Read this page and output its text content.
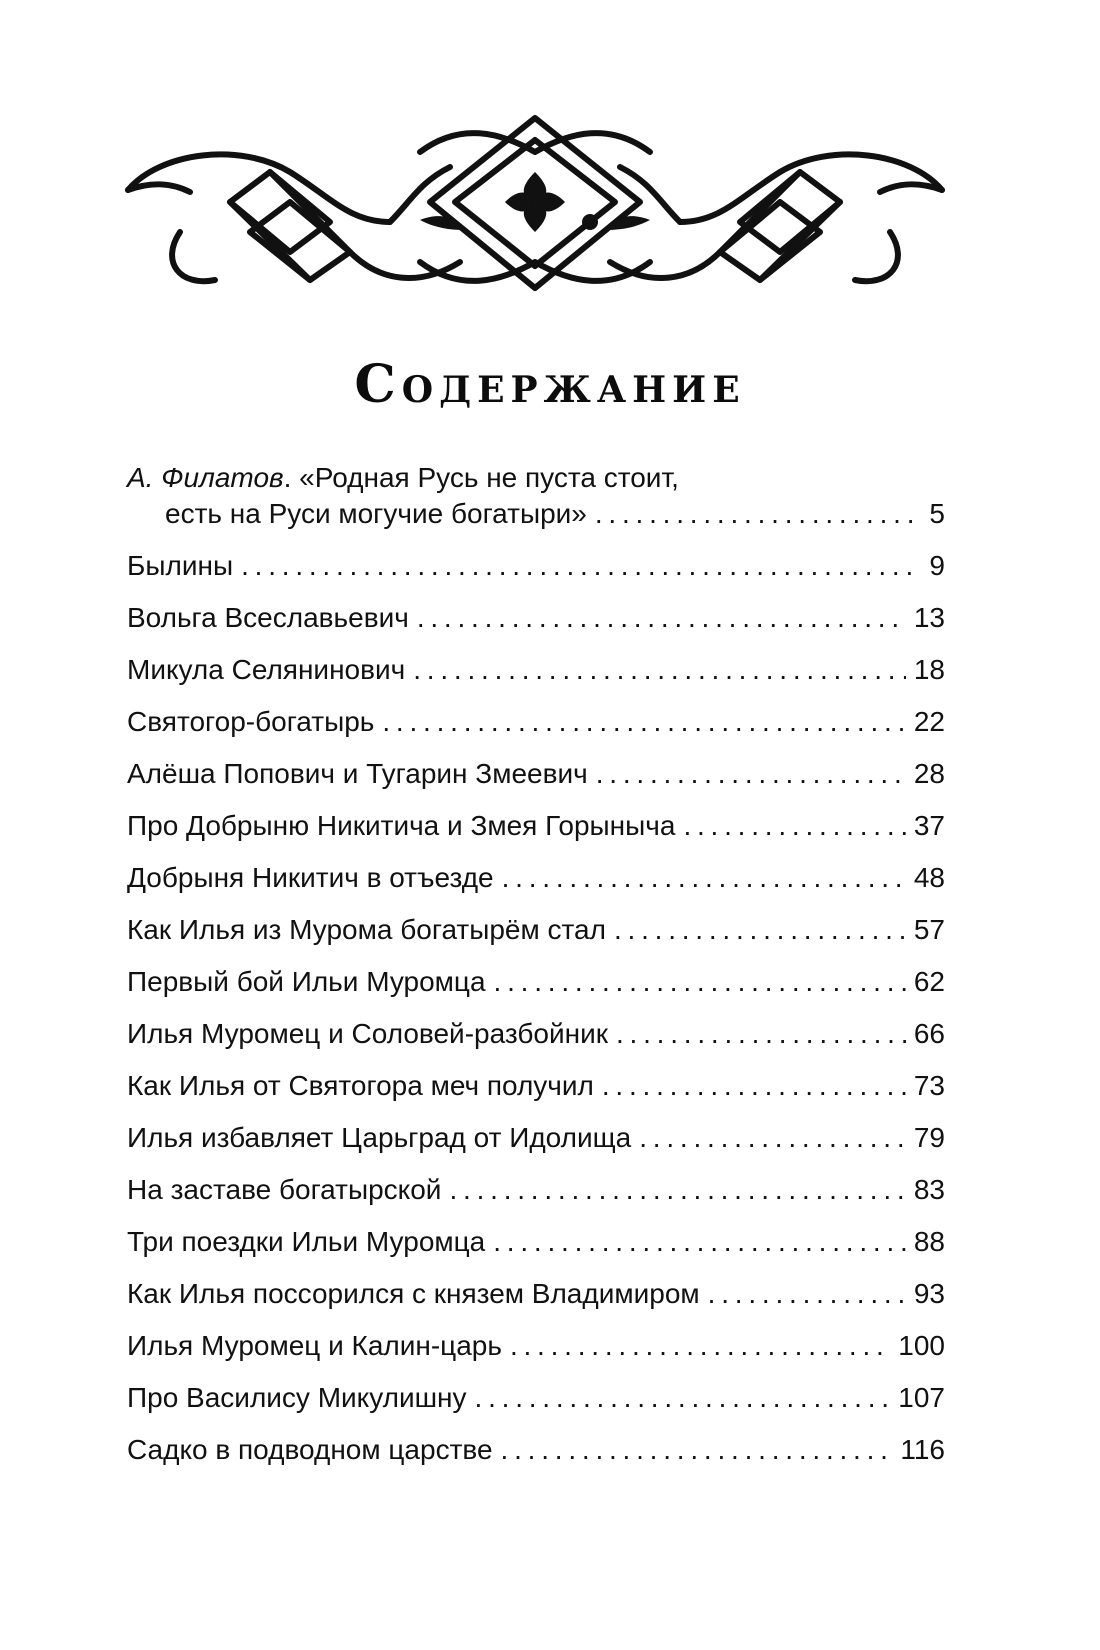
Содержание
А. Филатов. «Родная Русь не пуста стоит,
есть на Руси могучие богатыри» . . .	5
Былины . . .	9
Вольга Всеславьевич . . .	13
Микула Селянинович . . .	18
Святогор-богатырь . . .	22
Алёша Попович и Тугарин Змеевич . . .	28
Про Добрыню Никитича и Змея Горыныча . . .	37
Добрыня Никитич в отъезде . . .	48
Как Илья из Мурома богатырём стал . . .	57
Первый бой Ильи Муромца . . .	62
Илья Муромец и Соловей-разбойник . . .	66
Как Илья от Святогора меч получил . . .	73
Илья избавляет Царьград от Идолища . . .	79
На заставе богатырской . . .	83
Три поездки Ильи Муромца . . .	88
Как Илья поссорился с князем Владимиром . . .	93
Илья Муромец и Калин-царь . . .	100
Про Василису Микулишну . . .	107
Садко в подводном царстве . . .	116
